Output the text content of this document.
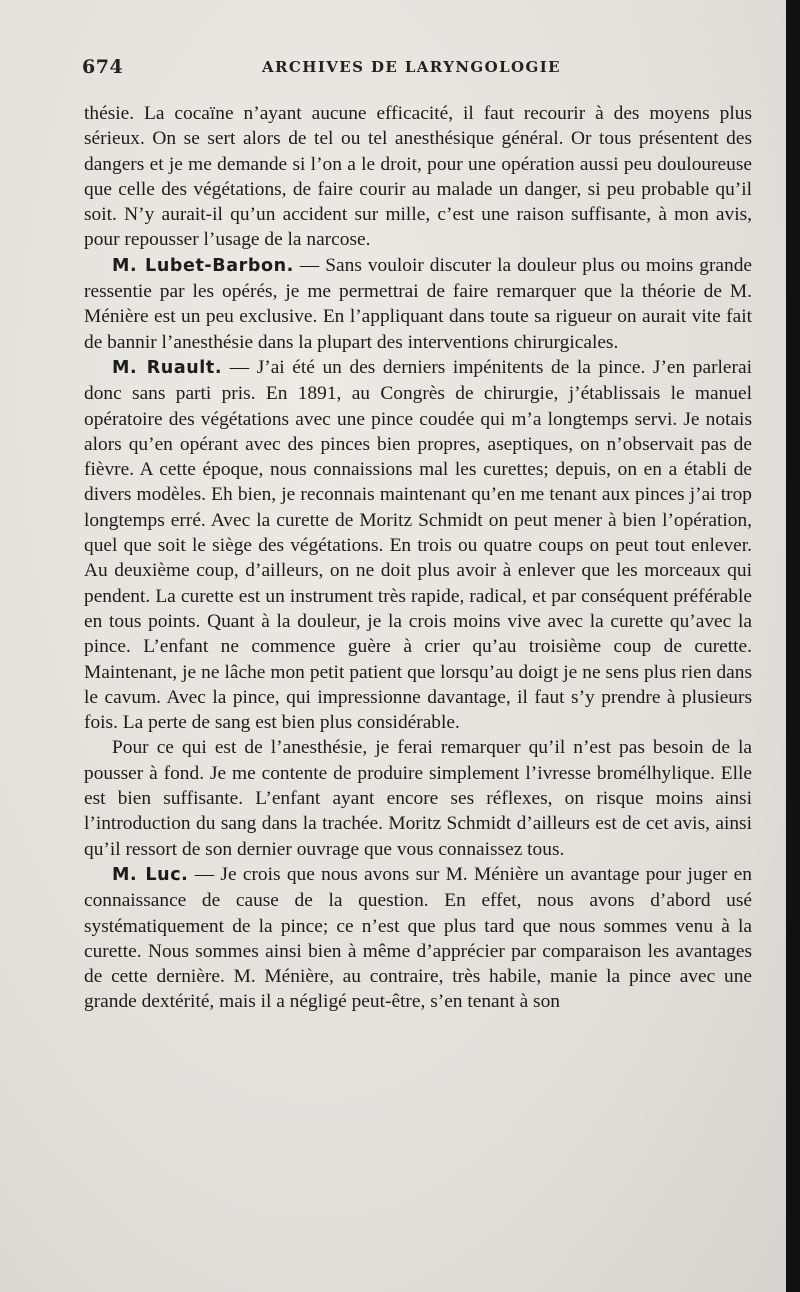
674	ARCHIVES DE LARYNGOLOGIE

thésie. La cocaïne n’ayant aucune efficacité, il faut recourir à des moyens plus sérieux. On se sert alors de tel ou tel anesthésique général. Or tous présentent des dangers et je me demande si l’on a le droit, pour une opération aussi peu douloureuse que celle des végétations, de faire courir au malade un danger, si peu probable qu’il soit. N’y aurait-il qu’un accident sur mille, c’est une raison suffisante, à mon avis, pour repousser l’usage de la narcose.

M. Lubet-Barbon. — Sans vouloir discuter la douleur plus ou moins grande ressentie par les opérés, je me permettrai de faire remarquer que la théorie de M. Ménière est un peu exclusive. En l’appliquant dans toute sa rigueur on aurait vite fait de bannir l’anesthésie dans la plupart des interventions chirurgicales.

M. Ruault. — J’ai été un des derniers impénitents de la pince. J’en parlerai donc sans parti pris. En 1891, au Congrès de chirurgie, j’établissais le manuel opératoire des végétations avec une pince coudée qui m’a longtemps servi. Je notais alors qu’en opérant avec des pinces bien propres, aseptiques, on n’observait pas de fièvre. A cette époque, nous connaissions mal les curettes; depuis, on en a établi de divers modèles. Eh bien, je reconnais maintenant qu’en me tenant aux pinces j’ai trop longtemps erré. Avec la curette de Moritz Schmidt on peut mener à bien l’opération, quel que soit le siège des végétations. En trois ou quatre coups on peut tout enlever. Au deuxième coup, d’ailleurs, on ne doit plus avoir à enlever que les morceaux qui pendent. La curette est un instrument très rapide, radical, et par conséquent préférable en tous points. Quant à la douleur, je la crois moins vive avec la curette qu’avec la pince. L’enfant ne commence guère à crier qu’au troisième coup de curette. Maintenant, je ne lâche mon petit patient que lorsqu’au doigt je ne sens plus rien dans le cavum. Avec la pince, qui impressionne davantage, il faut s’y prendre à plusieurs fois. La perte de sang est bien plus considérable.

Pour ce qui est de l’anesthésie, je ferai remarquer qu’il n’est pas besoin de la pousser à fond. Je me contente de produire simplement l’ivresse bromélhylique. Elle est bien suffisante. L’enfant ayant encore ses réflexes, on risque moins ainsi l’introduction du sang dans la trachée. Moritz Schmidt d’ailleurs est de cet avis, ainsi qu’il ressort de son dernier ouvrage que vous connaissez tous.

M. Luc. — Je crois que nous avons sur M. Ménière un avantage pour juger en connaissance de cause de la question. En effet, nous avons d’abord usé systématiquement de la pince; ce n’est que plus tard que nous sommes venu à la curette. Nous sommes ainsi bien à même d’apprécier par comparaison les avantages de cette dernière. M. Ménière, au contraire, très habile, manie la pince avec une grande dextérité, mais il a négligé peut-être, s’en tenant à son
